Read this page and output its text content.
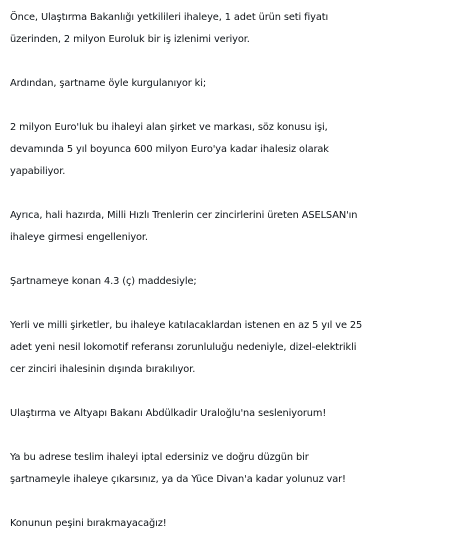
Önce, Ulaştırma Bakanlığı yetkilileri ihaleye, 1 adet ürün seti fiyatı
üzerinden, 2 milyon Euroluk bir iş izlenimi veriyor.

Ardından, şartname öyle kurgulanıyor ki;

2 milyon Euro'luk bu ihaleyi alan şirket ve markası, söz konusu işi,
devamında 5 yıl boyunca 600 milyon Euro'ya kadar ihalesiz olarak
yapabiliyor.

Ayrıca, hali hazırda, Milli Hızlı Trenlerin cer zincirlerini üreten ASELSAN'ın
ihaleye girmesi engelleniyor.

Şartnameye konan 4.3 (ç) maddesiyle;

Yerli ve milli şirketler, bu ihaleye katılacaklardan istenen en az 5 yıl ve 25
adet yeni nesil lokomotif referansı zorunluluğu nedeniyle, dizel-elektrikli
cer zinciri ihalesinin dışında bırakılıyor.

Ulaştırma ve Altyapı Bakanı Abdülkadir Uraloğlu'na sesleniyorum!

Ya bu adrese teslim ihaleyi iptal edersiniz ve doğru düzgün bir
şartnameyle ihaleye çıkarsınız, ya da Yüce Divan'a kadar yolunuz var!

Konunun peşini bırakmayacağız!
